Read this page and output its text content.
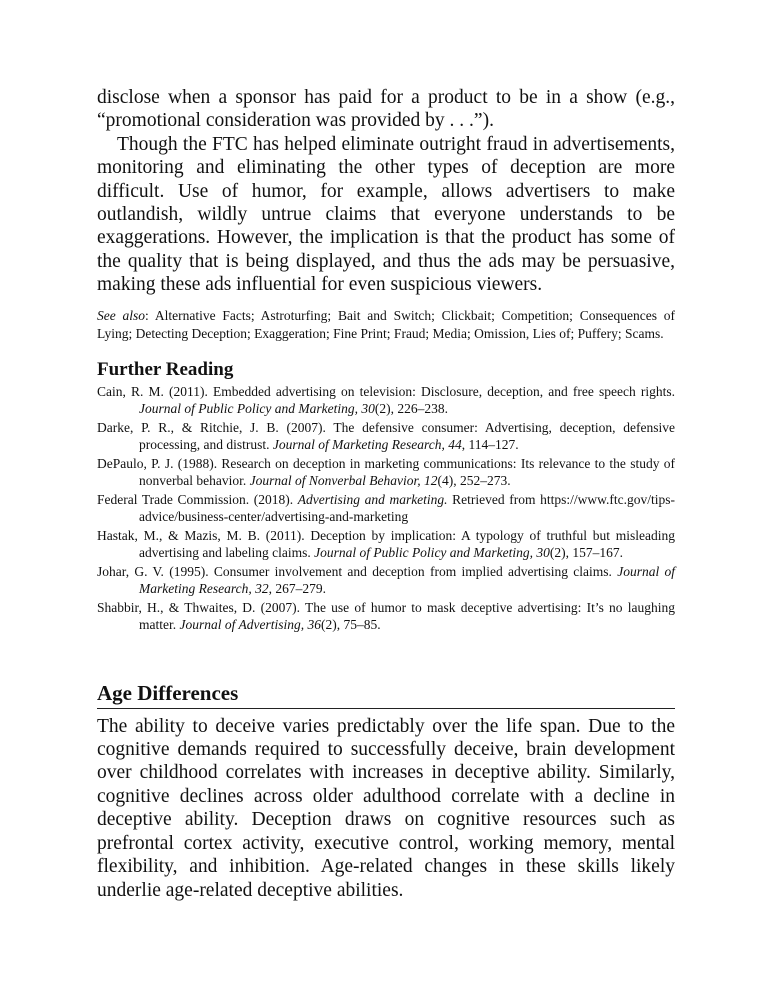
disclose when a sponsor has paid for a product to be in a show (e.g., “promotional consideration was provided by . . .”).

Though the FTC has helped eliminate outright fraud in advertisements, monitoring and eliminating the other types of deception are more difficult. Use of humor, for example, allows advertisers to make outlandish, wildly untrue claims that everyone understands to be exaggerations. However, the implication is that the product has some of the quality that is being displayed, and thus the ads may be persuasive, making these ads influential for even suspicious viewers.

See also: Alternative Facts; Astroturfing; Bait and Switch; Clickbait; Competition; Consequences of Lying; Detecting Deception; Exaggeration; Fine Print; Fraud; Media; Omission, Lies of; Puffery; Scams.

Further Reading
Cain, R. M. (2011). Embedded advertising on television: Disclosure, deception, and free speech rights. Journal of Public Policy and Marketing, 30(2), 226–238.
Darke, P. R., & Ritchie, J. B. (2007). The defensive consumer: Advertising, deception, defensive processing, and distrust. Journal of Marketing Research, 44, 114–127.
DePaulo, P. J. (1988). Research on deception in marketing communications: Its relevance to the study of nonverbal behavior. Journal of Nonverbal Behavior, 12(4), 252–273.
Federal Trade Commission. (2018). Advertising and marketing. Retrieved from https://www.ftc.gov/tips-advice/business-center/advertising-and-marketing
Hastak, M., & Mazis, M. B. (2011). Deception by implication: A typology of truthful but misleading advertising and labeling claims. Journal of Public Policy and Marketing, 30(2), 157–167.
Johar, G. V. (1995). Consumer involvement and deception from implied advertising claims. Journal of Marketing Research, 32, 267–279.
Shabbir, H., & Thwaites, D. (2007). The use of humor to mask deceptive advertising: It’s no laughing matter. Journal of Advertising, 36(2), 75–85.
Age Differences

The ability to deceive varies predictably over the life span. Due to the cognitive demands required to successfully deceive, brain development over childhood correlates with increases in deceptive ability. Similarly, cognitive declines across older adulthood correlate with a decline in deceptive ability. Deception draws on cognitive resources such as prefrontal cortex activity, executive control, working memory, mental flexibility, and inhibition. Age-related changes in these skills likely underlie age-related deceptive abilities.
